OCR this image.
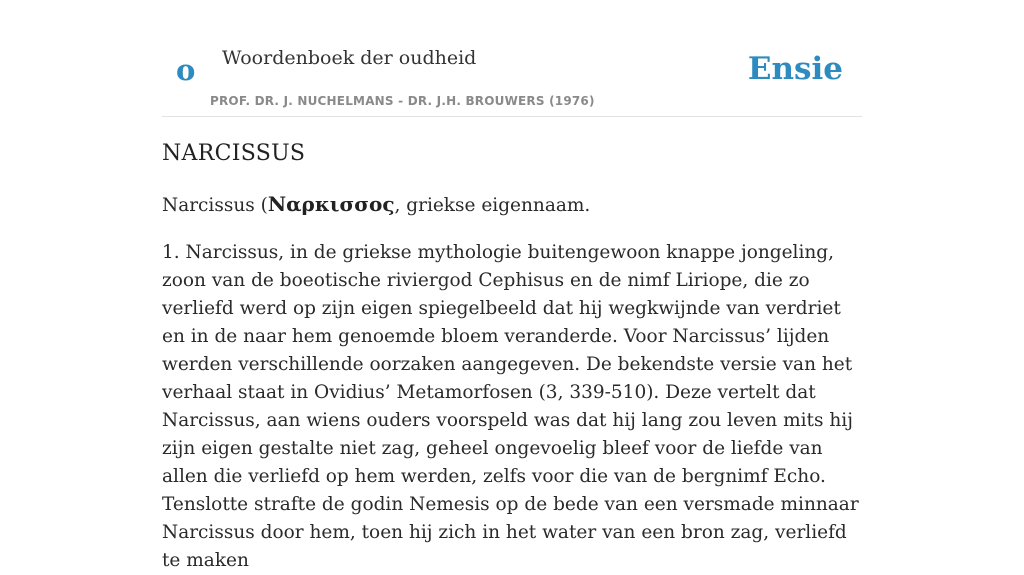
o Woordenboek der oudheid
PROF. DR. J. NUCHELMANS - DR. J.H. BROUWERS (1976)
Ensie
NARCISSUS

Narcissus (Ναρκισσος, griekse eigennaam.

1. Narcissus, in de griekse mythologie buitengewoon knappe jongeling, zoon van de boeotische riviergod Cephisus en de nimf Liriope, die zo verliefd werd op zijn eigen spiegelbeeld dat hij wegkwijnde van verdriet en in de naar hem genoemde bloem veranderde. Voor Narcissus’ lijden werden verschillende oorzaken aangegeven. De bekendste versie van het verhaal staat in Ovidius’ Metamorfosen (3, 339-510). Deze vertelt dat Narcissus, aan wiens ouders voorspeld was dat hij lang zou leven mits hij zijn eigen gestalte niet zag, geheel ongevoelig bleef voor de liefde van allen die verliefd op hem werden, zelfs voor die van de bergnimf Echo. Tenslotte strafte de godin Nemesis op de bede van een versmade minnaar Narcissus door hem, toen hij zich in het water van een bron zag, verliefd te maken
